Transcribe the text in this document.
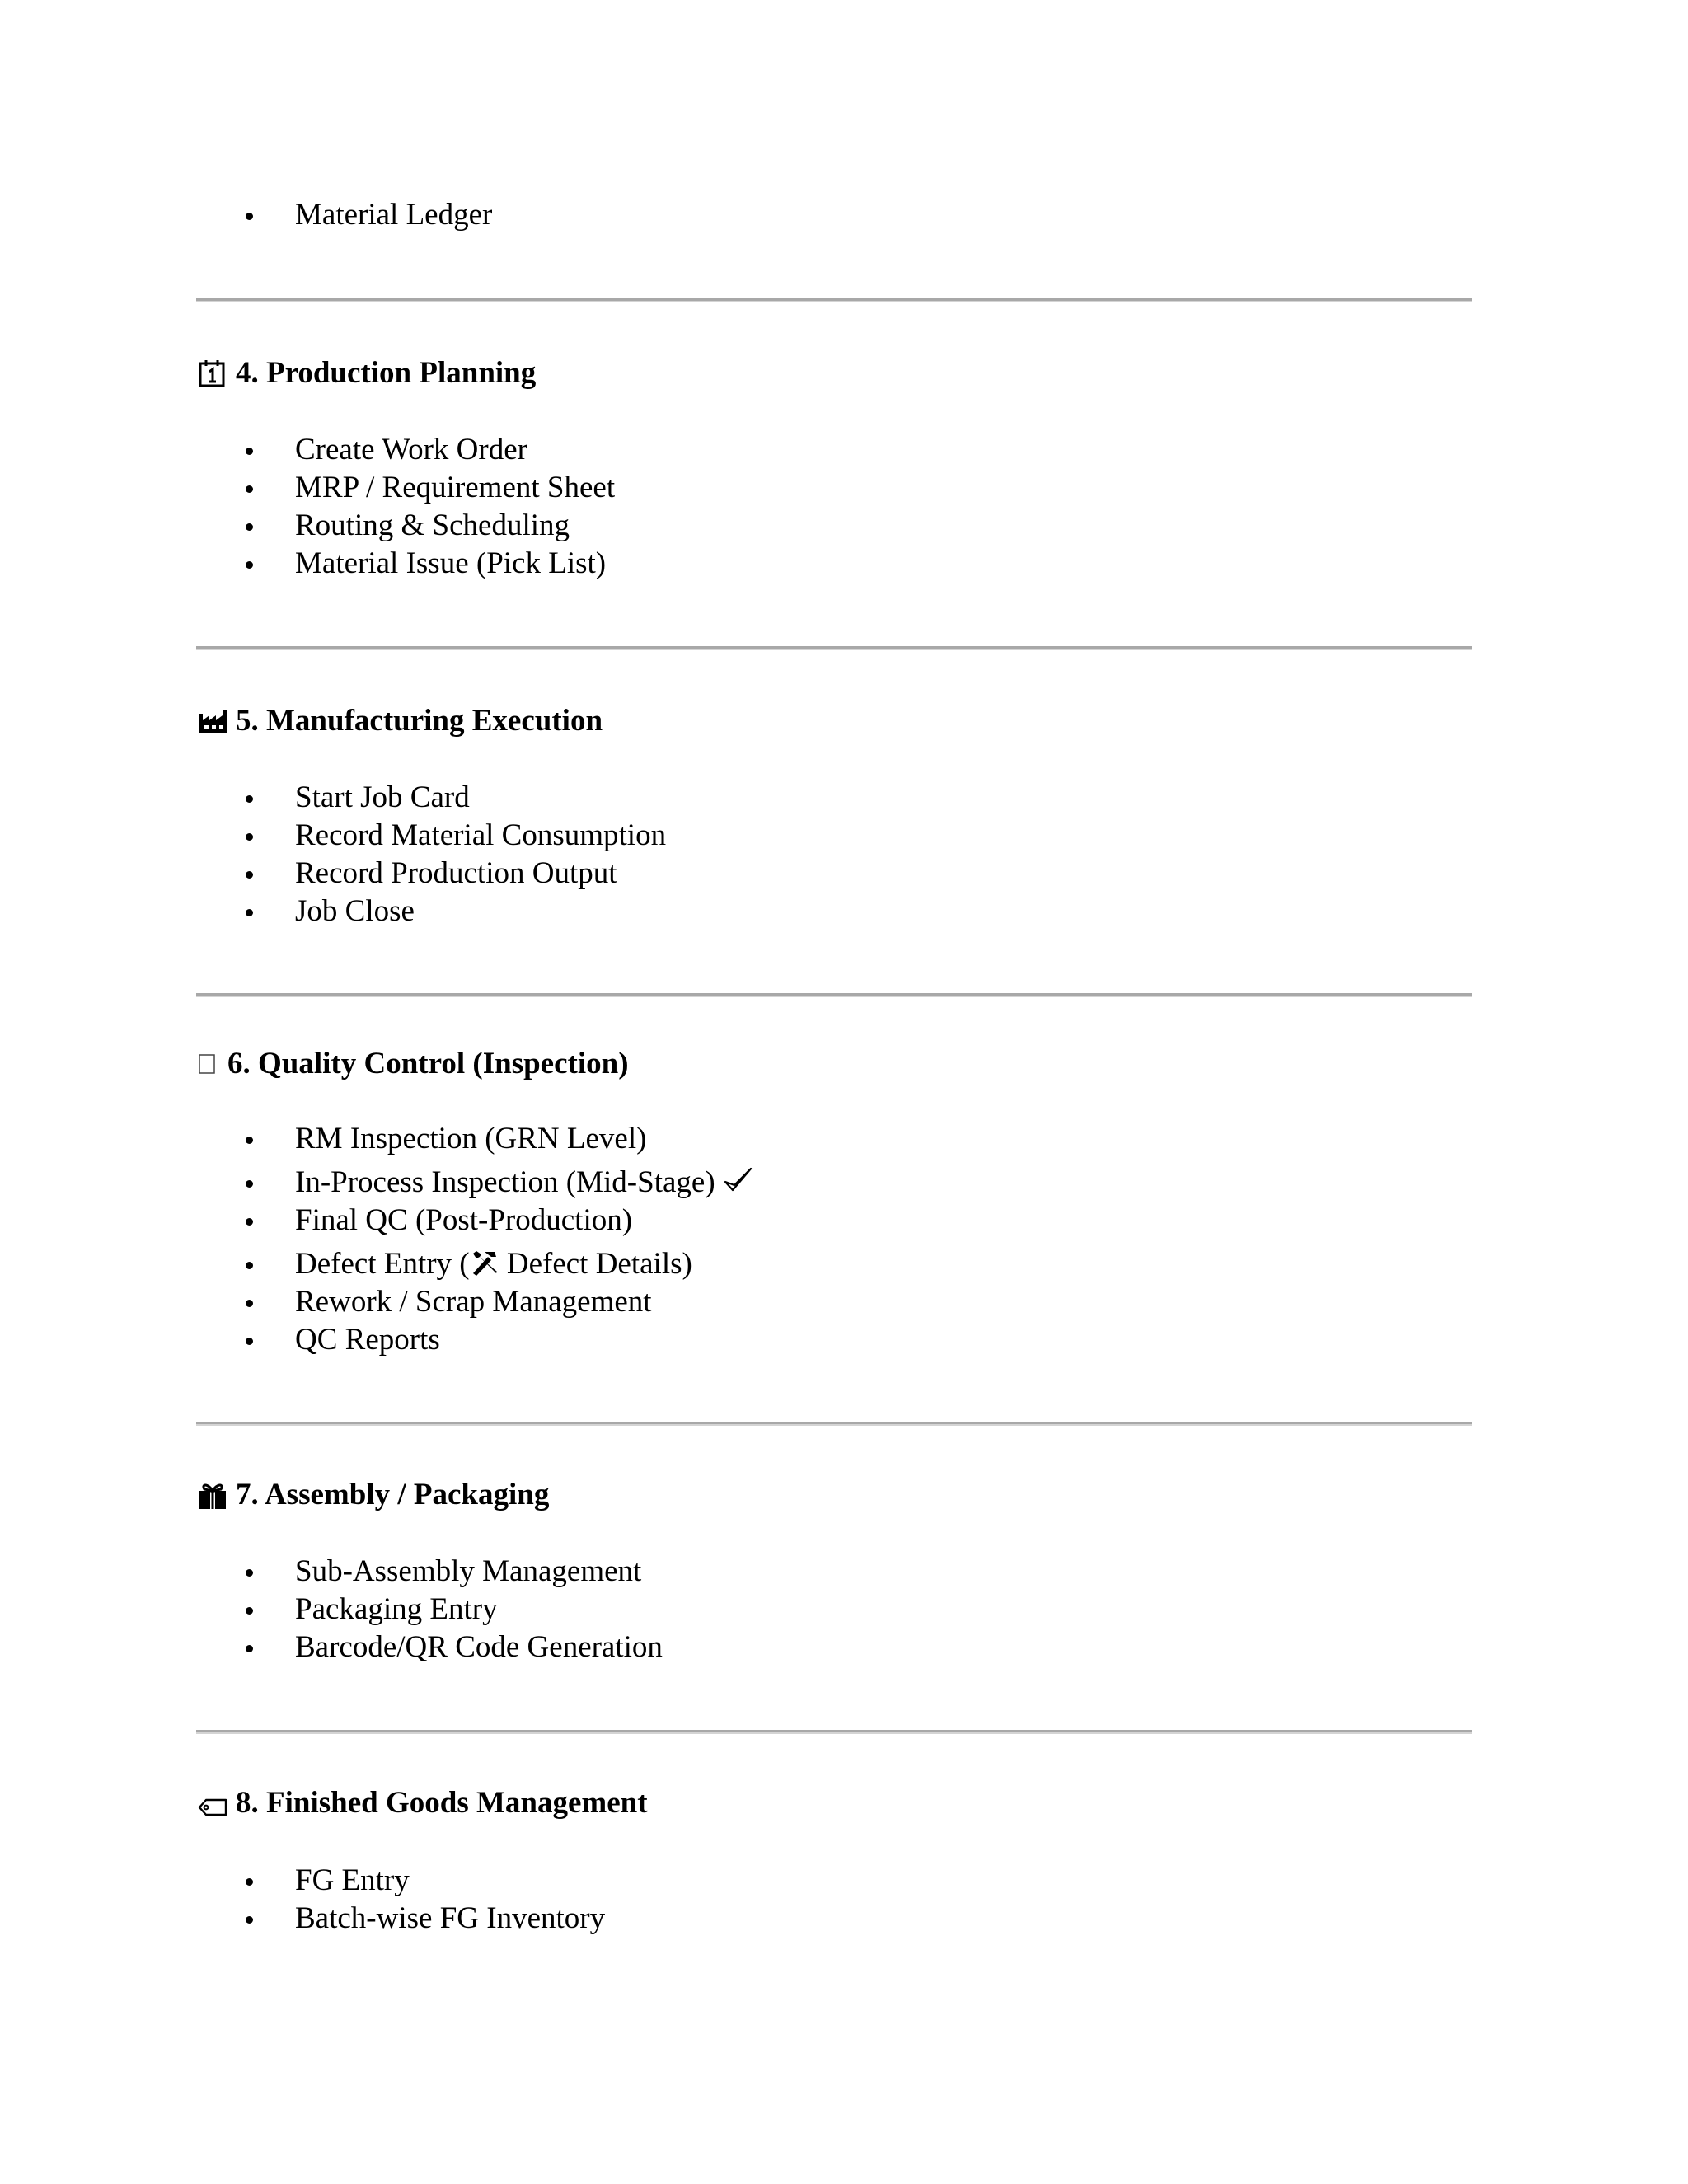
Material Ledger
4. Production Planning
Create Work Order
MRP / Requirement Sheet
Routing & Scheduling
Material Issue (Pick List)
5. Manufacturing Execution
Start Job Card
Record Material Consumption
Record Production Output
Job Close
6. Quality Control (Inspection)
RM Inspection (GRN Level)
In-Process Inspection (Mid-Stage)
Final QC (Post-Production)
Defect Entry ( Defect Details)
Rework / Scrap Management
QC Reports
7. Assembly / Packaging
Sub-Assembly Management
Packaging Entry
Barcode/QR Code Generation
8. Finished Goods Management
FG Entry
Batch-wise FG Inventory
